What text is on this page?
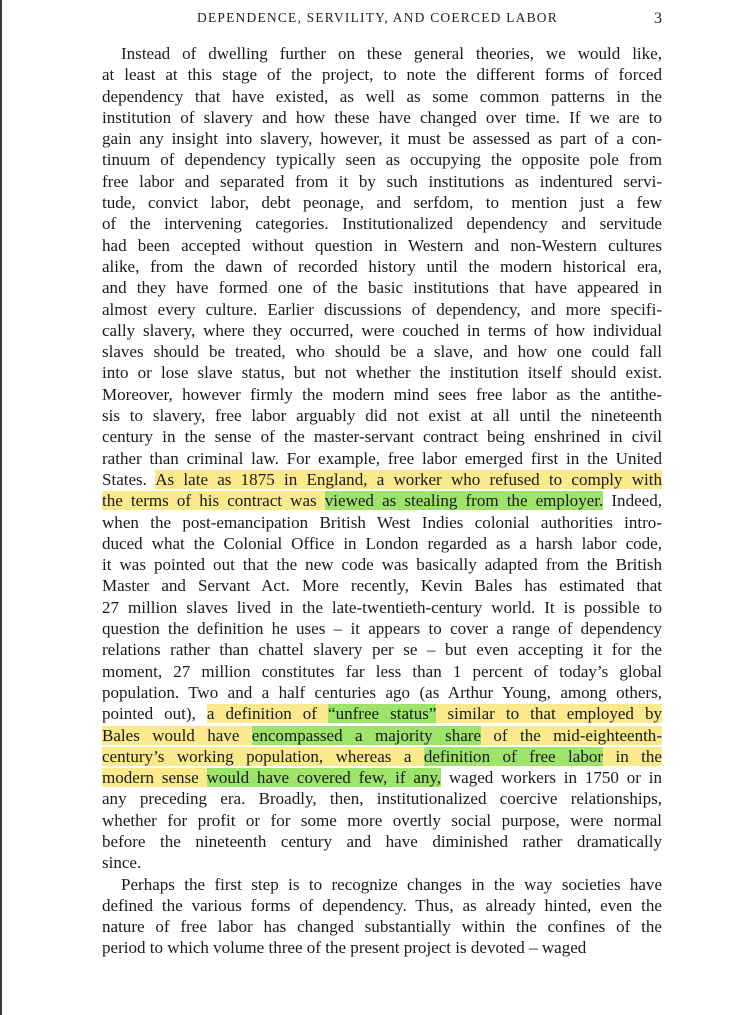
DEPENDENCE, SERVILITY, AND COERCED LABOR	3
Instead of dwelling further on these general theories, we would like,
at least at this stage of the project, to note the different forms of forced
dependency that have existed, as well as some common patterns in the
institution of slavery and how these have changed over time. If we are to
gain any insight into slavery, however, it must be assessed as part of a con-
tinuum of dependency typically seen as occupying the opposite pole from
free labor and separated from it by such institutions as indentured servi-
tude, convict labor, debt peonage, and serfdom, to mention just a few
of the intervening categories. Institutionalized dependency and servitude
had been accepted without question in Western and non-Western cultures
alike, from the dawn of recorded history until the modern historical era,
and they have formed one of the basic institutions that have appeared in
almost every culture. Earlier discussions of dependency, and more specifi-
cally slavery, where they occurred, were couched in terms of how individual
slaves should be treated, who should be a slave, and how one could fall
into or lose slave status, but not whether the institution itself should exist.
Moreover, however firmly the modern mind sees free labor as the antithe-
sis to slavery, free labor arguably did not exist at all until the nineteenth
century in the sense of the master-servant contract being enshrined in civil
rather than criminal law. For example, free labor emerged first in the United
States. As late as 1875 in England, a worker who refused to comply with
the terms of his contract was viewed as stealing from the employer. Indeed,
when the post-emancipation British West Indies colonial authorities intro-
duced what the Colonial Office in London regarded as a harsh labor code,
it was pointed out that the new code was basically adapted from the British
Master and Servant Act. More recently, Kevin Bales has estimated that
27 million slaves lived in the late-twentieth-century world. It is possible to
question the definition he uses – it appears to cover a range of dependency
relations rather than chattel slavery per se – but even accepting it for the
moment, 27 million constitutes far less than 1 percent of today’s global
population. Two and a half centuries ago (as Arthur Young, among others,
pointed out), a definition of “unfree status” similar to that employed by
Bales would have encompassed a majority share of the mid-eighteenth-
century’s working population, whereas a definition of free labor in the
modern sense would have covered few, if any, waged workers in 1750 or in
any preceding era. Broadly, then, institutionalized coercive relationships,
whether for profit or for some more overtly social purpose, were normal
before the nineteenth century and have diminished rather dramatically
since.
Perhaps the first step is to recognize changes in the way societies have
defined the various forms of dependency. Thus, as already hinted, even the
nature of free labor has changed substantially within the confines of the
period to which volume three of the present project is devoted – waged
